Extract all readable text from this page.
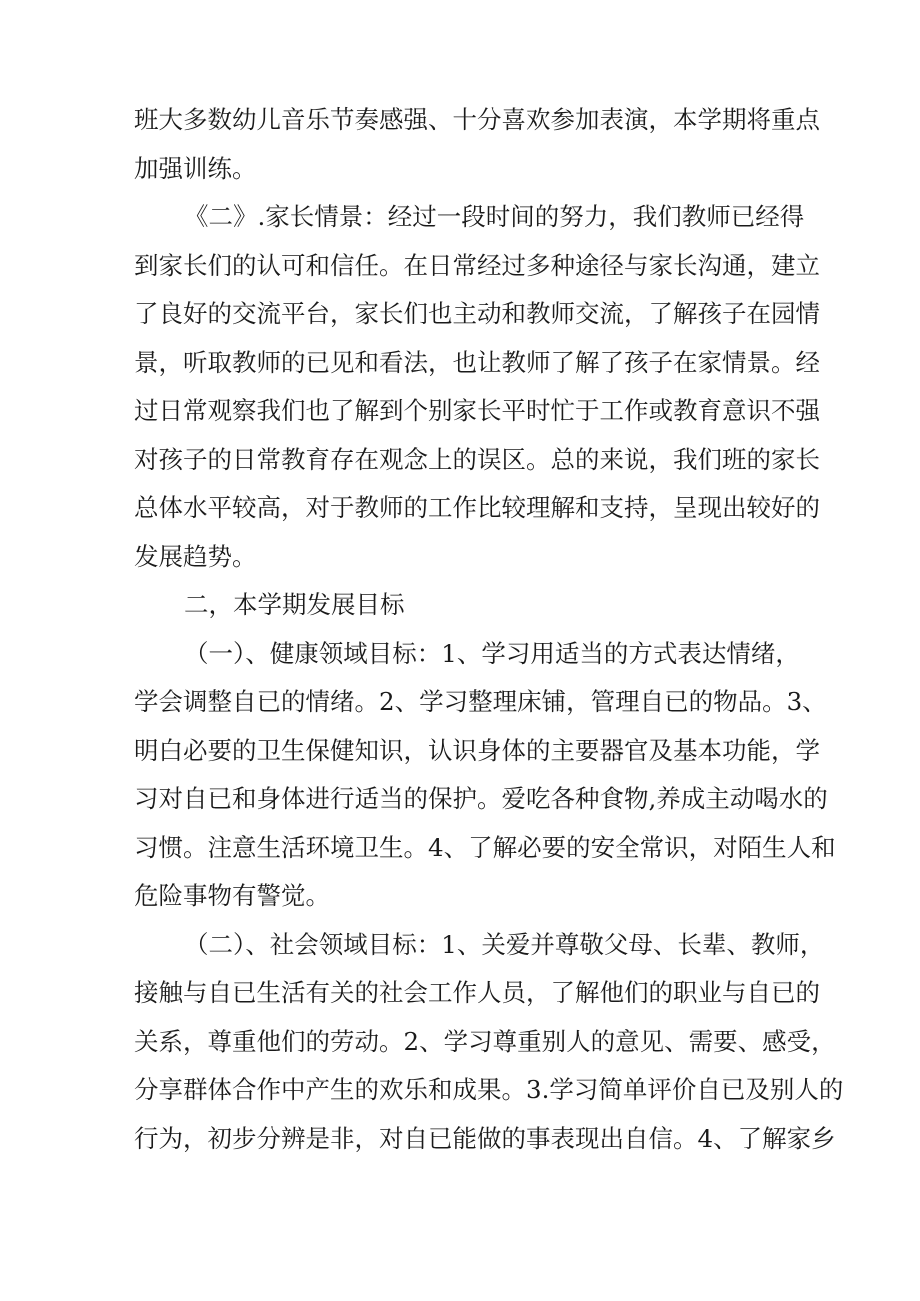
班大多数幼儿音乐节奏感强、十分喜欢参加表演，本学期将重点
加强训练。
《二》.家长情景：经过一段时间的努力，我们教师已经得
到家长们的认可和信任。在日常经过多种途径与家长沟通，建立
了良好的交流平台，家长们也主动和教师交流，了解孩子在园情
景，听取教师的已见和看法，也让教师了解了孩子在家情景。经
过日常观察我们也了解到个别家长平时忙于工作或教育意识不强
对孩子的日常教育存在观念上的误区。总的来说，我们班的家长
总体水平较高，对于教师的工作比较理解和支持，呈现出较好的
发展趋势。
二，本学期发展目标
（一）、健康领域目标：1、学习用适当的方式表达情绪，
学会调整自已的情绪。2、学习整理床铺，管理自已的物品。3、
明白必要的卫生保健知识，认识身体的主要器官及基本功能，学
习对自已和身体进行适当的保护。爱吃各种食物,养成主动喝水的
习惯。注意生活环境卫生。4、了解必要的安全常识，对陌生人和
危险事物有警觉。
（二）、社会领域目标：1、关爱并尊敬父母、长辈、教师，
接触与自已生活有关的社会工作人员，了解他们的职业与自已的
关系，尊重他们的劳动。2、学习尊重别人的意见、需要、感受，
分享群体合作中产生的欢乐和成果。3.学习简单评价自已及别人的
行为，初步分辨是非，对自已能做的事表现出自信。4、了解家乡
